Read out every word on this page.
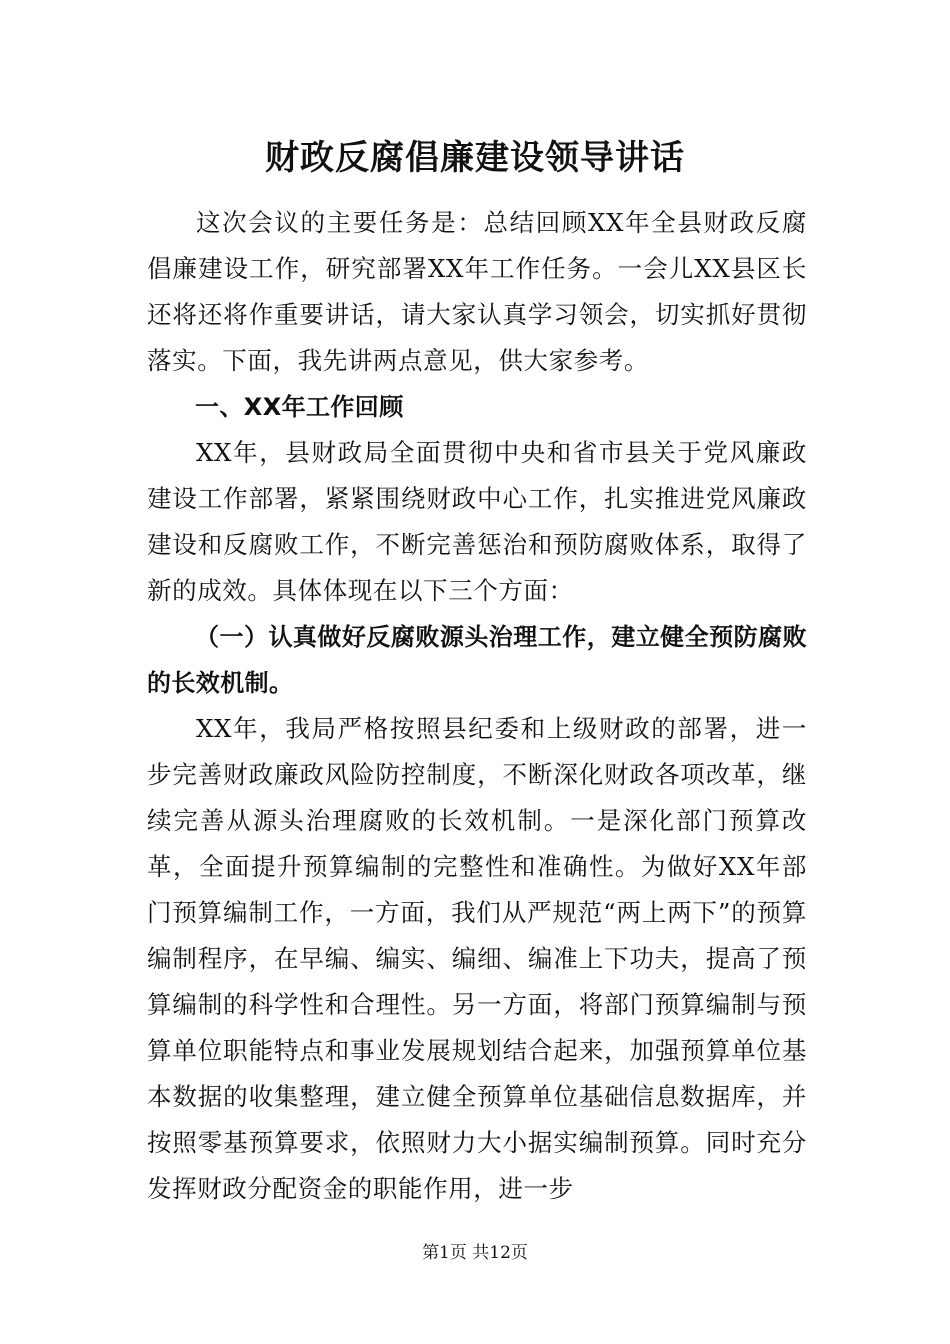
财政反腐倡廉建设领导讲话

这次会议的主要任务是：总结回顾XX年全县财政反腐倡廉建设工作，研究部署XX年工作任务。一会儿XX县区长还将还将作重要讲话，请大家认真学习领会，切实抓好贯彻落实。下面，我先讲两点意见，供大家参考。

一、XX年工作回顾

XX年，县财政局全面贯彻中央和省市县关于党风廉政建设工作部署，紧紧围绕财政中心工作，扎实推进党风廉政建设和反腐败工作，不断完善惩治和预防腐败体系，取得了新的成效。具体体现在以下三个方面：

（一）认真做好反腐败源头治理工作，建立健全预防腐败的长效机制。

XX年，我局严格按照县纪委和上级财政的部署，进一步完善财政廉政风险防控制度，不断深化财政各项改革，继续完善从源头治理腐败的长效机制。一是深化部门预算改革，全面提升预算编制的完整性和准确性。为做好XX年部门预算编制工作，一方面，我们从严规范“两上两下”的预算编制程序，在早编、编实、编细、编准上下功夫，提高了预算编制的科学性和合理性。另一方面，将部门预算编制与预算单位职能特点和事业发展规划结合起来，加强预算单位基本数据的收集整理，建立健全预算单位基础信息数据库，并按照零基预算要求，依照财力大小据实编制预算。同时充分发挥财政分配资金的职能作用，进一步

第1页 共12页
